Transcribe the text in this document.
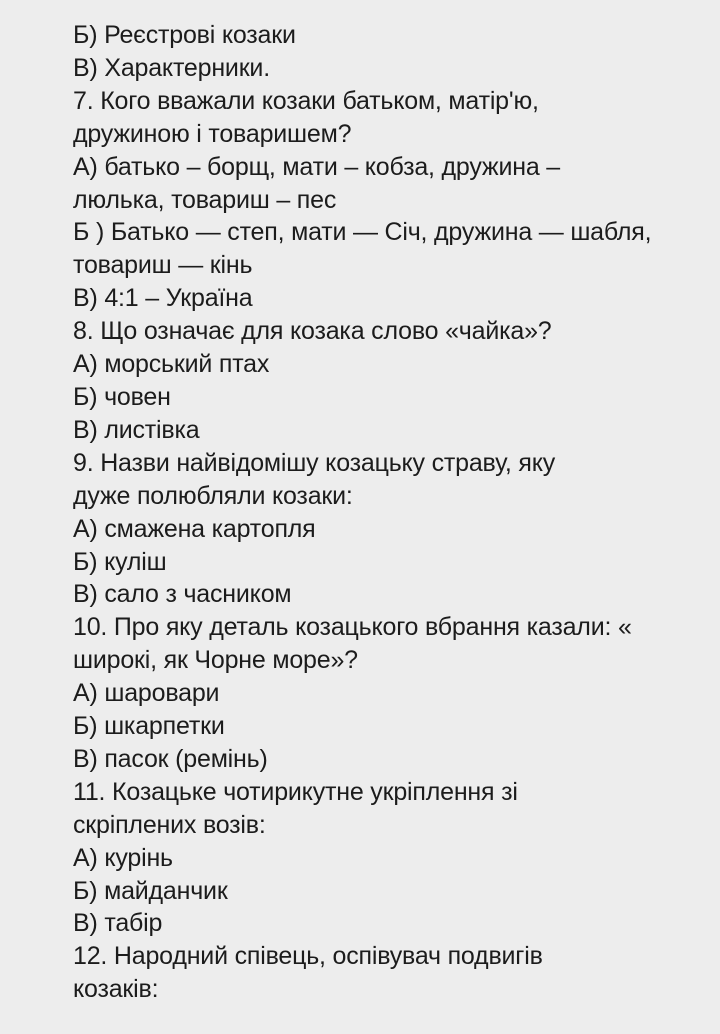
Б) Реєстрові козаки
В) Характерники.
7. Кого вважали козаки батьком, матір'ю,
дружиною і товаришем?
А) батько – борщ, мати – кобза, дружина –
люлька, товариш – пес
Б ) Батько — степ, мати — Січ, дружина — шабля,
товариш — кінь
В) 4:1 – Україна
8. Що означає для козака слово «чайка»?
А) морський птах
Б) човен
В) листівка
9. Назви найвідомішу козацьку страву, яку
дуже полюбляли козаки:
А) смажена картопля
Б) куліш
В) сало з часником
10. Про яку деталь козацького вбрання казали: «
широкі, як Чорне море»?
А) шаровари
Б) шкарпетки
В) пасок (ремінь)
11. Козацьке чотирикутне укріплення зі
скріплених возів:
А) курінь
Б) майданчик
В) табір
12. Народний співець, оспівувач подвигів
козаків:
